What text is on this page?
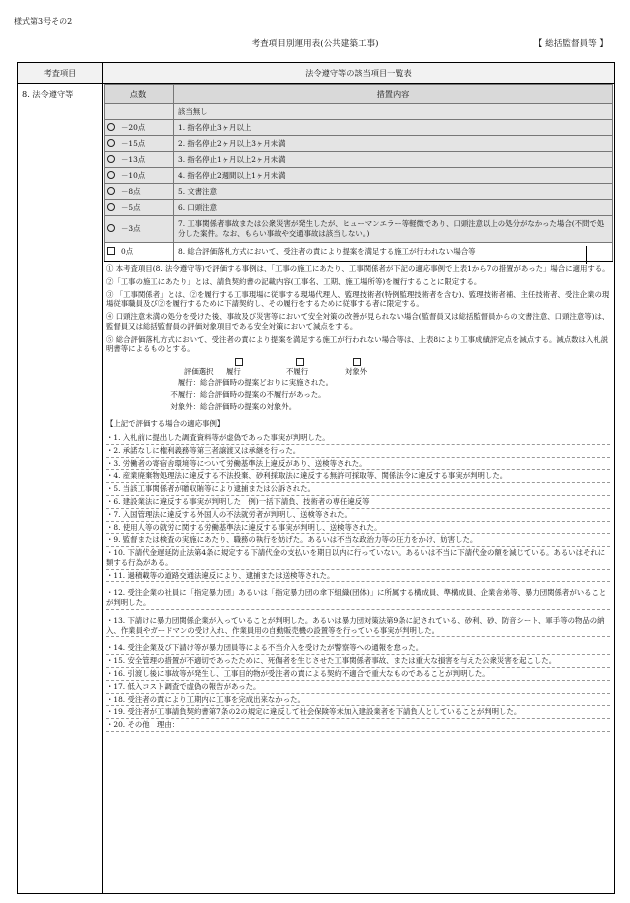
様式第3号その2
考査項目別運用表(公共建築工事)	【 総括監督員等 】
考査項目	法令遵守等の該当項目一覧表
8. 法令遵守等	点数	措置内容
	該当無し
－20点	1. 指名停止3ヶ月以上
－15点	2. 指名停止2ヶ月以上3ヶ月未満
－13点	3. 指名停止1ヶ月以上2ヶ月未満
－10点	4. 指名停止2週間以上1ヶ月未満
－8点	5. 文書注意
－5点	6. 口頭注意
－3点	7. 工事関係者事故または公衆災害が発生したが、ヒューマンエラー等軽微であり、口頭注意以上の処分がなかった場合(不問で処分した案件。なお、もらい事故や交通事故は該当しない。)
0点	8. 総合評価落札方式において、受注者の責により提案を満足する施工が行われない場合等

① 本考査項目(8. 法令遵守等)で評価する事例は、「工事の施工にあたり、工事関係者が下記の適応事例で上表1から7の措置があった」場合に適用する。

②「工事の施工にあたり」とは、請負契約書の記載内容(工事名、工期、施工場所等)を履行することに限定する。

③ 「工事関係者」とは、②を履行する工事現場に従事する現場代理人、監理技術者(特例監理技術者を含む)、監理技術者補、主任技術者、受注企業の現場従事職員及び②を履行するために下請契約し、その履行をするために従事する者に限定する。

④ 口頭注意未満の処分を受けた後、事故及び災害等において安全対策の改善が見られない場合(監督員又は総括監督員からの文書注意、口頭注意等)は、監督員又は総括監督員の評価対象項目である安全対策において減点をする。

⑤ 総合評価落札方式において、受注者の責により提案を満足する施工が行われない場合等は、上表8により工事成績評定点を減点する。減点数は入札説明書等によるものとする。

評価選択 履行	不履行	対象外
履行：総合評価時の提案どおりに実施された。
不履行：総合評価時の提案の不履行があった。
対象外：総合評価時の提案の対象外。
【上記で評価する場合の適応事例】
・1. 入札前に提出した調査資料等が虚偽であった事実が判明した。
・2. 承諾なしに権利義務等第三者譲渡又は承継を行った。
・3. 労働者の寄宿舎環境等について労働基準法上違反があり、送検等された。
・4. 産業廃棄物処理法に違反する不法投棄、砂利採取法に違反する無許可採取等、関係法令に違反する事実が判明した。
・5. 当該工事関係者が贈収賄等により逮捕または公訴された。
・6. 建設業法に違反する事実が判明した　例)一括下請負、技術者の専任違反等
・7. 入国管理法に違反する外国人の不法就労者が判明し、送検等された。
・8. 使用人等の就労に関する労働基準法に違反する事実が判明し、送検等された。
・9. 監督または検査の実施にあたり、職務の執行を妨げた。あるいは不当な政治力等の圧力をかけ、妨害した。
・10. 下請代金遅延防止法第4条に規定する下請代金の支払いを期日以内に行っていない。あるいは不当に下請代金の額を減じている。あるいはそれに類する行為がある。
・11. 過積載等の道路交通法違反により、逮捕または送検等された。
・12. 受注企業の社員に「指定暴力団」あるいは「指定暴力団の傘下組織(団体)」に所属する構成員、準構成員、企業舎弟等、暴力団関係者がいることが判明した。
・13. 下請けに暴力団関係企業が入っていることが判明した。あるいは暴力団対策法第9条に記されている、砂利、砂、防音シート、軍手等の物品の納入、作業員やガードマンの受け入れ、作業員用の自動販売機の設置等を行っている事実が判明した。
・14. 受注企業及び下請け等が暴力団員等による不当介入を受けたが警察等への通報を怠った。
・15. 安全管理の措置が不適切であったために、死傷者を生じさせた工事関係者事故、または重大な損害を与えた公衆災害を起こした。
・16. 引渡し後に事故等が発生し、工事目的物が受注者の責による契約不適合で重大なものであることが判明した。
・17. 低入コスト調査で虚偽の報告があった。
・18. 受注者の責により工期内に工事を完成出来なかった。
・19. 受注者が工事請負契約書第7条の2の規定に違反して社会保険等未加入建設業者を下請負人としていることが判明した。
・20. その他　理由：
